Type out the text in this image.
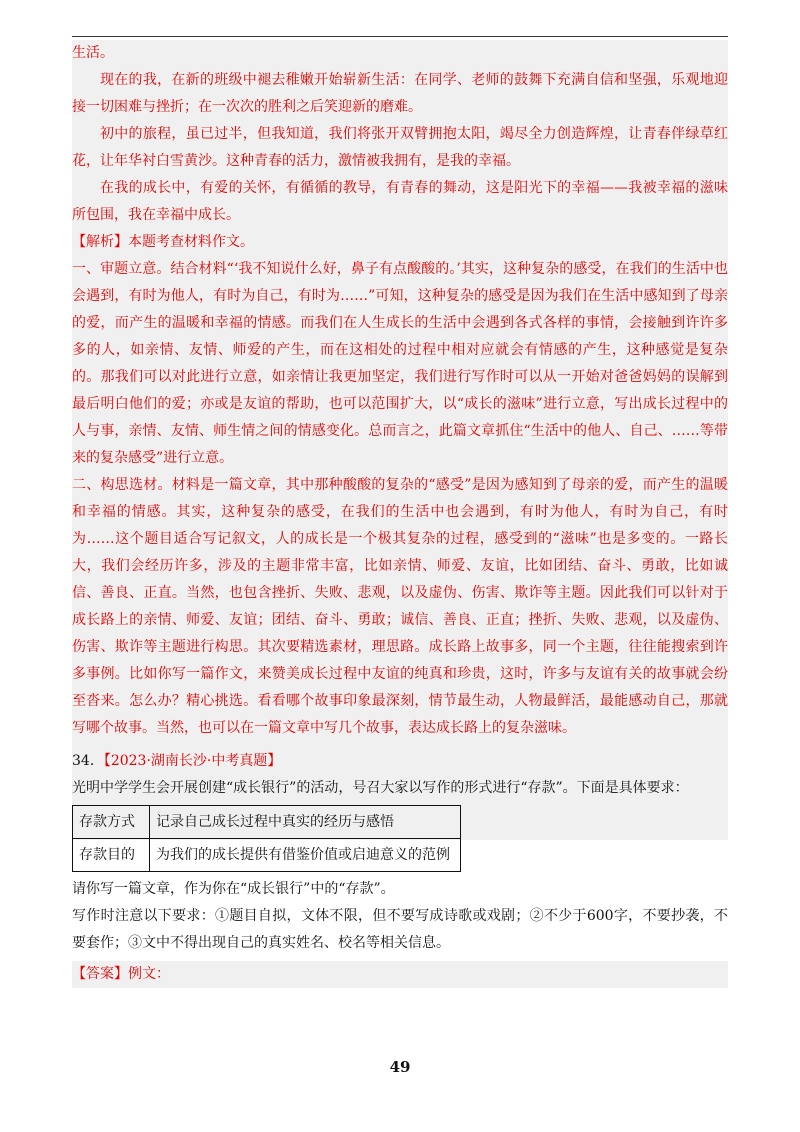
生活。

现在的我，在新的班级中褪去稚嫩开始崭新生活：在同学、老师的鼓舞下充满自信和坚强，乐观地迎接一切困难与挫折；在一次次的胜利之后笑迎新的磨难。

初中的旅程，虽已过半，但我知道，我们将张开双臂拥抱太阳，竭尽全力创造辉煌，让青春伴绿草红花，让年华衬白雪黄沙。这种青春的活力，激情被我拥有，是我的幸福。

在我的成长中，有爱的关怀，有循循的教导，有青春的舞动，这是阳光下的幸福——我被幸福的滋味所包围，我在幸福中成长。

【解析】本题考查材料作文。

一、审题立意。结合材料“‘我不知说什么好，鼻子有点酸酸的。’其实，这种复杂的感受，在我们的生活中也会遇到，有时为他人，有时为自己，有时为……”可知，这种复杂的感受是因为我们在生活中感知到了母亲的爱，而产生的温暖和幸福的情感。而我们在人生成长的生活中会遇到各式各样的事情，会接触到许许多多的人，如亲情、友情、师爱的产生，而在这相处的过程中相对应就会有情感的产生，这种感觉是复杂的。那我们可以对此进行立意，如亲情让我更加坚定，我们进行写作时可以从一开始对爸爸妈妈的误解到最后明白他们的爱；亦或是友谊的帮助，也可以范围扩大，以“成长的滋味”进行立意，写出成长过程中的人与事，亲情、友情、师生情之间的情感变化。总而言之，此篇文章抓住“生活中的他人、自己、……等带来的复杂感受”进行立意。

二、构思选材。材料是一篇文章，其中那种酸酸的复杂的“感受”是因为感知到了母亲的爱，而产生的温暖和幸福的情感。其实，这种复杂的感受，在我们的生活中也会遇到，有时为他人，有时为自己，有时为……这个题目适合写记叙文，人的成长是一个极其复杂的过程，感受到的“滋味”也是多变的。一路长大，我们会经历许多，涉及的主题非常丰富，比如亲情、师爱、友谊，比如团结、奋斗、勇敢，比如诚信、善良、正直。当然，也包含挫折、失败、悲观，以及虚伪、伤害、欺诈等主题。因此我们可以针对于成长路上的亲情、师爱、友谊；团结、奋斗、勇敢；诚信、善良、正直；挫折、失败、悲观，以及虚伪、伤害、欺诈等主题进行构思。其次要精选素材，理思路。成长路上故事多，同一个主题，往往能搜索到许多事例。比如你写一篇作文，来赞美成长过程中友谊的纯真和珍贵，这时，许多与友谊有关的故事就会纷至沓来。怎么办？精心挑选。看看哪个故事印象最深刻，情节最生动，人物最鲜活，最能感动自己，那就写哪个故事。当然，也可以在一篇文章中写几个故事，表达成长路上的复杂滋味。

34．【2023·湖南长沙·中考真题】

光明中学学生会开展创建“成长银行”的活动，号召大家以写作的形式进行“存款”。下面是具体要求：

存款方式	记录自己成长过程中真实的经历与感悟
存款目的	为我们的成长提供有借鉴价值或启迪意义的范例

请你写一篇文章，作为你在“成长银行”中的“存款”。

写作时注意以下要求：①题目自拟，文体不限，但不要写成诗歌或戏剧；②不少于600字，不要抄袭，不要套作；③文中不得出现自己的真实姓名、校名等相关信息。

【答案】例文：
49
